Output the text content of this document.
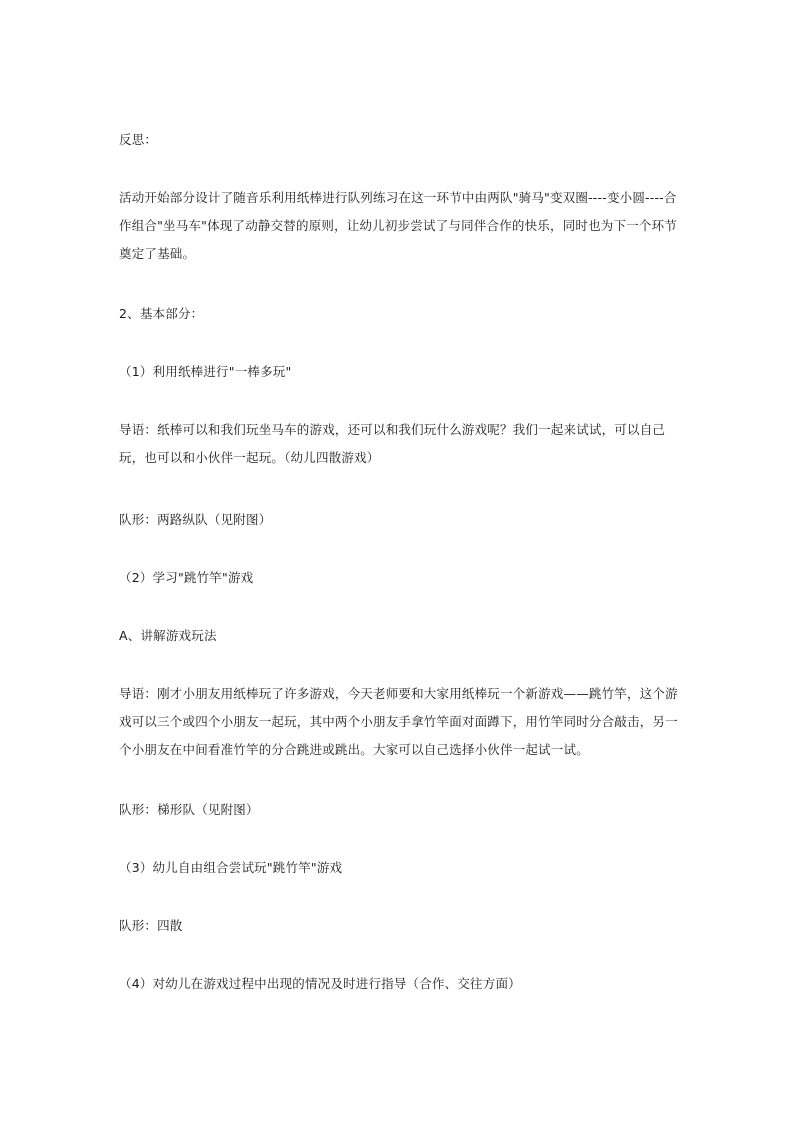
反思：

活动开始部分设计了随音乐利用纸棒进行队列练习在这一环节中由两队"骑马"变双圈----变小圆----合作组合"坐马车"体现了动静交替的原则，让幼儿初步尝试了与同伴合作的快乐，同时也为下一个环节奠定了基础。

2、基本部分：

（1）利用纸棒进行"一棒多玩"

导语：纸棒可以和我们玩坐马车的游戏，还可以和我们玩什么游戏呢？我们一起来试试，可以自己玩，也可以和小伙伴一起玩。（幼儿四散游戏）

队形：两路纵队（见附图）

（2）学习"跳竹竿"游戏

A、讲解游戏玩法

导语：刚才小朋友用纸棒玩了许多游戏，今天老师要和大家用纸棒玩一个新游戏——跳竹竿，这个游戏可以三个或四个小朋友一起玩，其中两个小朋友手拿竹竿面对面蹲下，用竹竿同时分合敲击，另一个小朋友在中间看准竹竿的分合跳进或跳出。大家可以自己选择小伙伴一起试一试。

队形：梯形队（见附图）

（3）幼儿自由组合尝试玩"跳竹竿"游戏

队形：四散

（4）对幼儿在游戏过程中出现的情况及时进行指导（合作、交往方面）
